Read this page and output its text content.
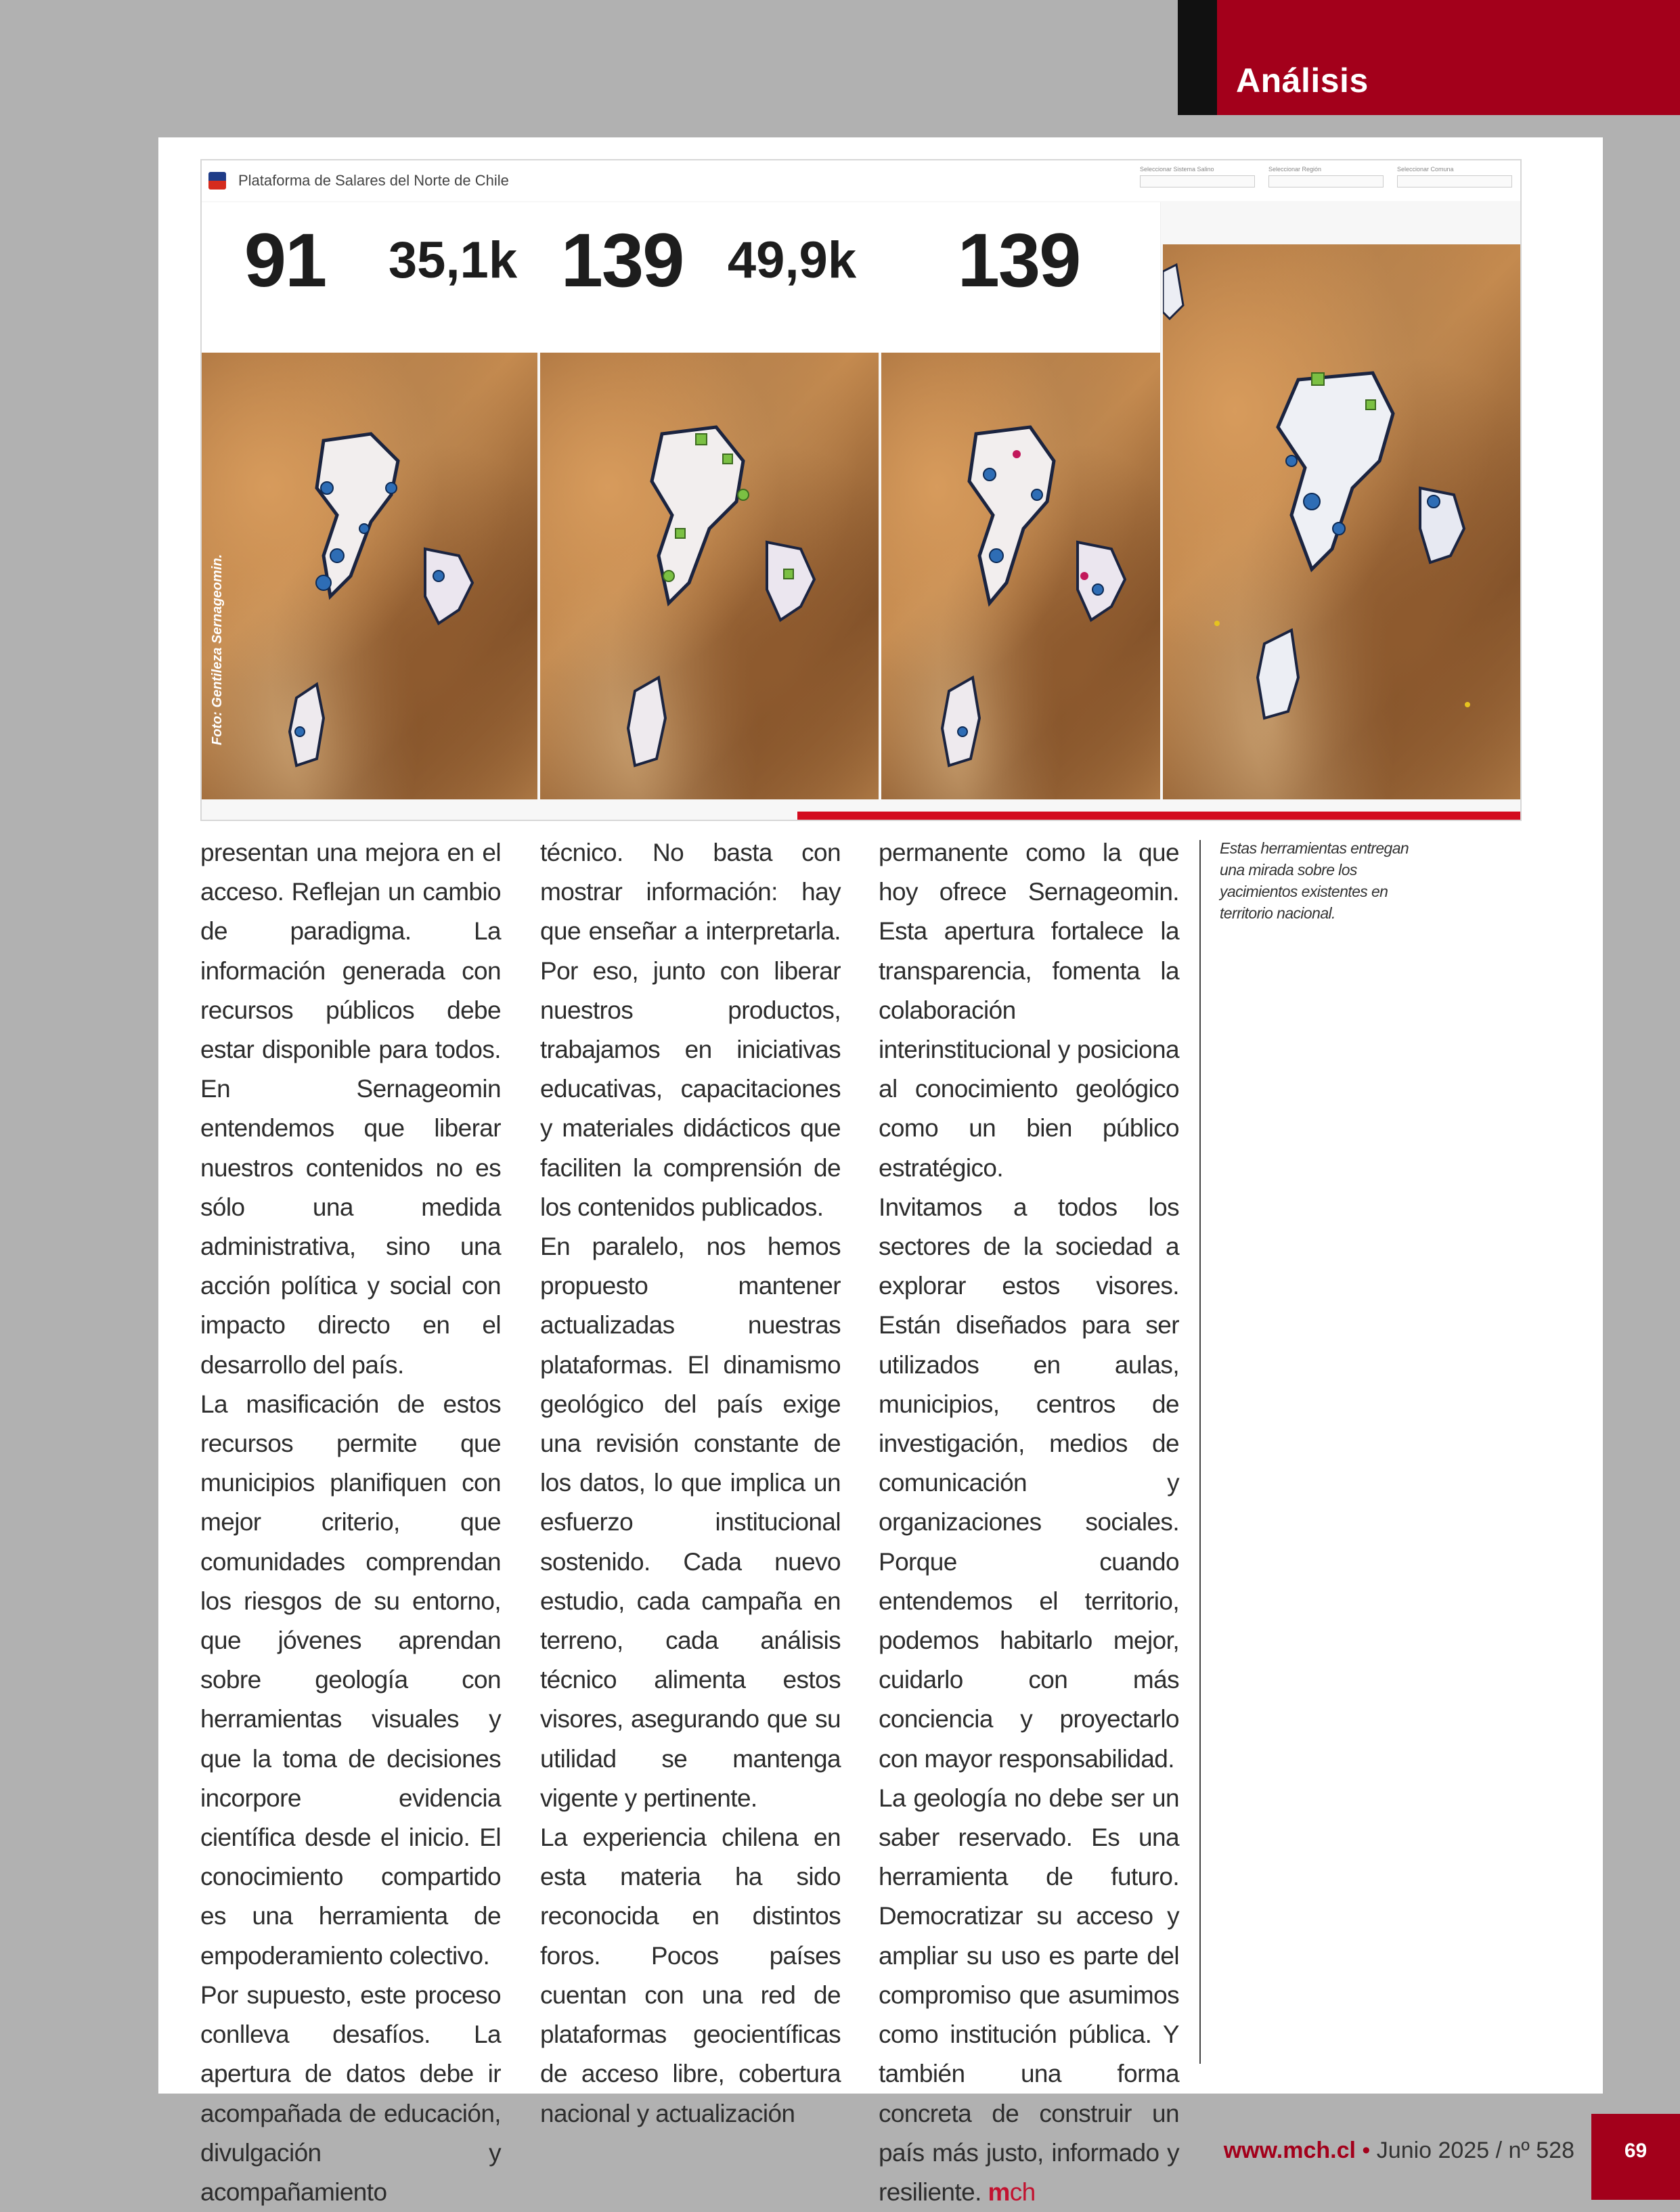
Análisis
Plataforma de Salares del Norte de Chile
Seleccionar Sistema Salino	Seleccionar Región	Seleccionar Comuna
91	35,1k 139 49,9k	139
Foto: Gentileza Sernageomin.

presentan una mejora en el acceso. Reflejan un cambio de paradigma. La información generada con recursos públicos debe estar disponible para todos. En Sernageomin entendemos que liberar nuestros contenidos no es sólo una medida administrativa, sino una acción política y social con impacto directo en el desarrollo del país.

La masificación de estos recursos permite que municipios planifiquen con mejor criterio, que comunidades comprendan los riesgos de su entorno, que jóvenes aprendan sobre geología con herramientas visuales y que la toma de decisiones incorpore evidencia científica desde el inicio. El conocimiento compartido es una herramienta de empoderamiento colectivo.

Por supuesto, este proceso conlleva desafíos. La apertura de datos debe ir acompañada de educación, divulgación y acompañamiento

técnico. No basta con mostrar información: hay que enseñar a interpretarla. Por eso, junto con liberar nuestros productos, trabajamos en iniciativas educativas, capacitaciones y materiales didácticos que faciliten la comprensión de los contenidos publicados.

En paralelo, nos hemos propuesto mantener actualizadas nuestras plataformas. El dinamismo geológico del país exige una revisión constante de los datos, lo que implica un esfuerzo institucional sostenido. Cada nuevo estudio, cada campaña en terreno, cada análisis técnico alimenta estos visores, asegurando que su utilidad se mantenga vigente y pertinente.

La experiencia chilena en esta materia ha sido reconocida en distintos foros. Pocos países cuentan con una red de plataformas geocientíficas de acceso libre, cobertura nacional y actualización

permanente como la que hoy ofrece Sernageomin. Esta apertura fortalece la transparencia, fomenta la colaboración interinstitucional y posiciona al conocimiento geológico como un bien público estratégico.

Invitamos a todos los sectores de la sociedad a explorar estos visores. Están diseñados para ser utilizados en aulas, municipios, centros de investigación, medios de comunicación y organizaciones sociales. Porque cuando entendemos el territorio, podemos habitarlo mejor, cuidarlo con más conciencia y proyectarlo con mayor responsabilidad.

La geología no debe ser un saber reservado. Es una herramienta de futuro. Democratizar su acceso y ampliar su uso es parte del compromiso que asumimos como institución pública. Y también una forma concreta de construir un país más justo, informado y resiliente. mch

Estas herramientas entregan una mirada sobre los yacimientos existentes en territorio nacional.
www.mch.cl • Junio 2025 / nº 528	69
